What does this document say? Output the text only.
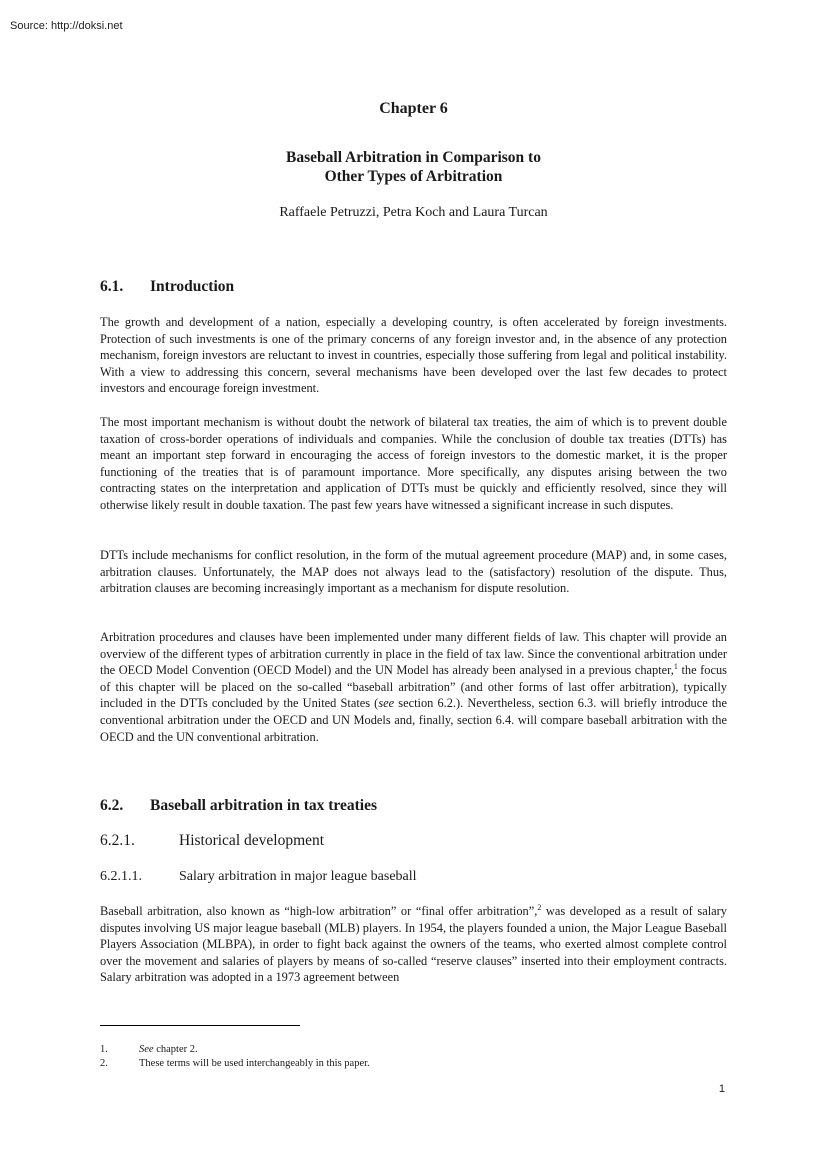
Source: http://doksi.net
Chapter 6
Baseball Arbitration in Comparison to
Other Types of Arbitration
Raffaele Petruzzi, Petra Koch and Laura Turcan
6.1. Introduction

The growth and development of a nation, especially a developing country, is often accelerated by foreign investments. Protection of such investments is one of the primary concerns of any foreign investor and, in the absence of any protection mechanism, foreign investors are reluctant to invest in countries, especially those suffering from legal and political instability. With a view to addressing this concern, several mechanisms have been developed over the last few decades to protect investors and encourage foreign investment.

The most important mechanism is without doubt the network of bilateral tax treaties, the aim of which is to prevent double taxation of cross-border operations of individuals and companies. While the conclusion of double tax treaties (DTTs) has meant an important step forward in encouraging the access of foreign investors to the domestic market, it is the proper functioning of the treaties that is of paramount importance. More specifically, any disputes arising between the two contracting states on the interpretation and application of DTTs must be quickly and efficiently resolved, since they will otherwise likely result in double taxation. The past few years have witnessed a significant increase in such disputes.

DTTs include mechanisms for conflict resolution, in the form of the mutual agreement procedure (MAP) and, in some cases, arbitration clauses. Unfortunately, the MAP does not always lead to the (satisfactory) resolution of the dispute. Thus, arbitration clauses are becoming increasingly important as a mechanism for dispute resolution.

Arbitration procedures and clauses have been implemented under many different fields of law. This chapter will provide an overview of the different types of arbitration currently in place in the field of tax law. Since the conventional arbitration under the OECD Model Convention (OECD Model) and the UN Model has already been analysed in a previous chapter,$^1$ the focus of this chapter will be placed on the so-called “baseball arbitration” (and other forms of last offer arbitration), typically included in the DTTs concluded by the United States (see section 6.2.). Nevertheless, section 6.3. will briefly introduce the conventional arbitration under the OECD and UN Models and, finally, section 6.4. will compare baseball arbitration with the OECD and the UN conventional arbitration.

6.2. Baseball arbitration in tax treaties
6.2.1.	Historical development
6.2.1.1.	Salary arbitration in major league baseball

Baseball arbitration, also known as “high-low arbitration” or “final offer arbitration”,$^2$ was developed as a result of salary disputes involving US major league baseball (MLB) players. In 1954, the players founded a union, the Major League Baseball Players Association (MLBPA), in order to fight back against the owners of the teams, who exerted almost complete control over the movement and salaries of players by means of so-called “reserve clauses” inserted into their employment contracts. Salary arbitration was adopted in a 1973 agreement between

1.	See chapter 2.
2.	These terms will be used interchangeably in this paper.
1
